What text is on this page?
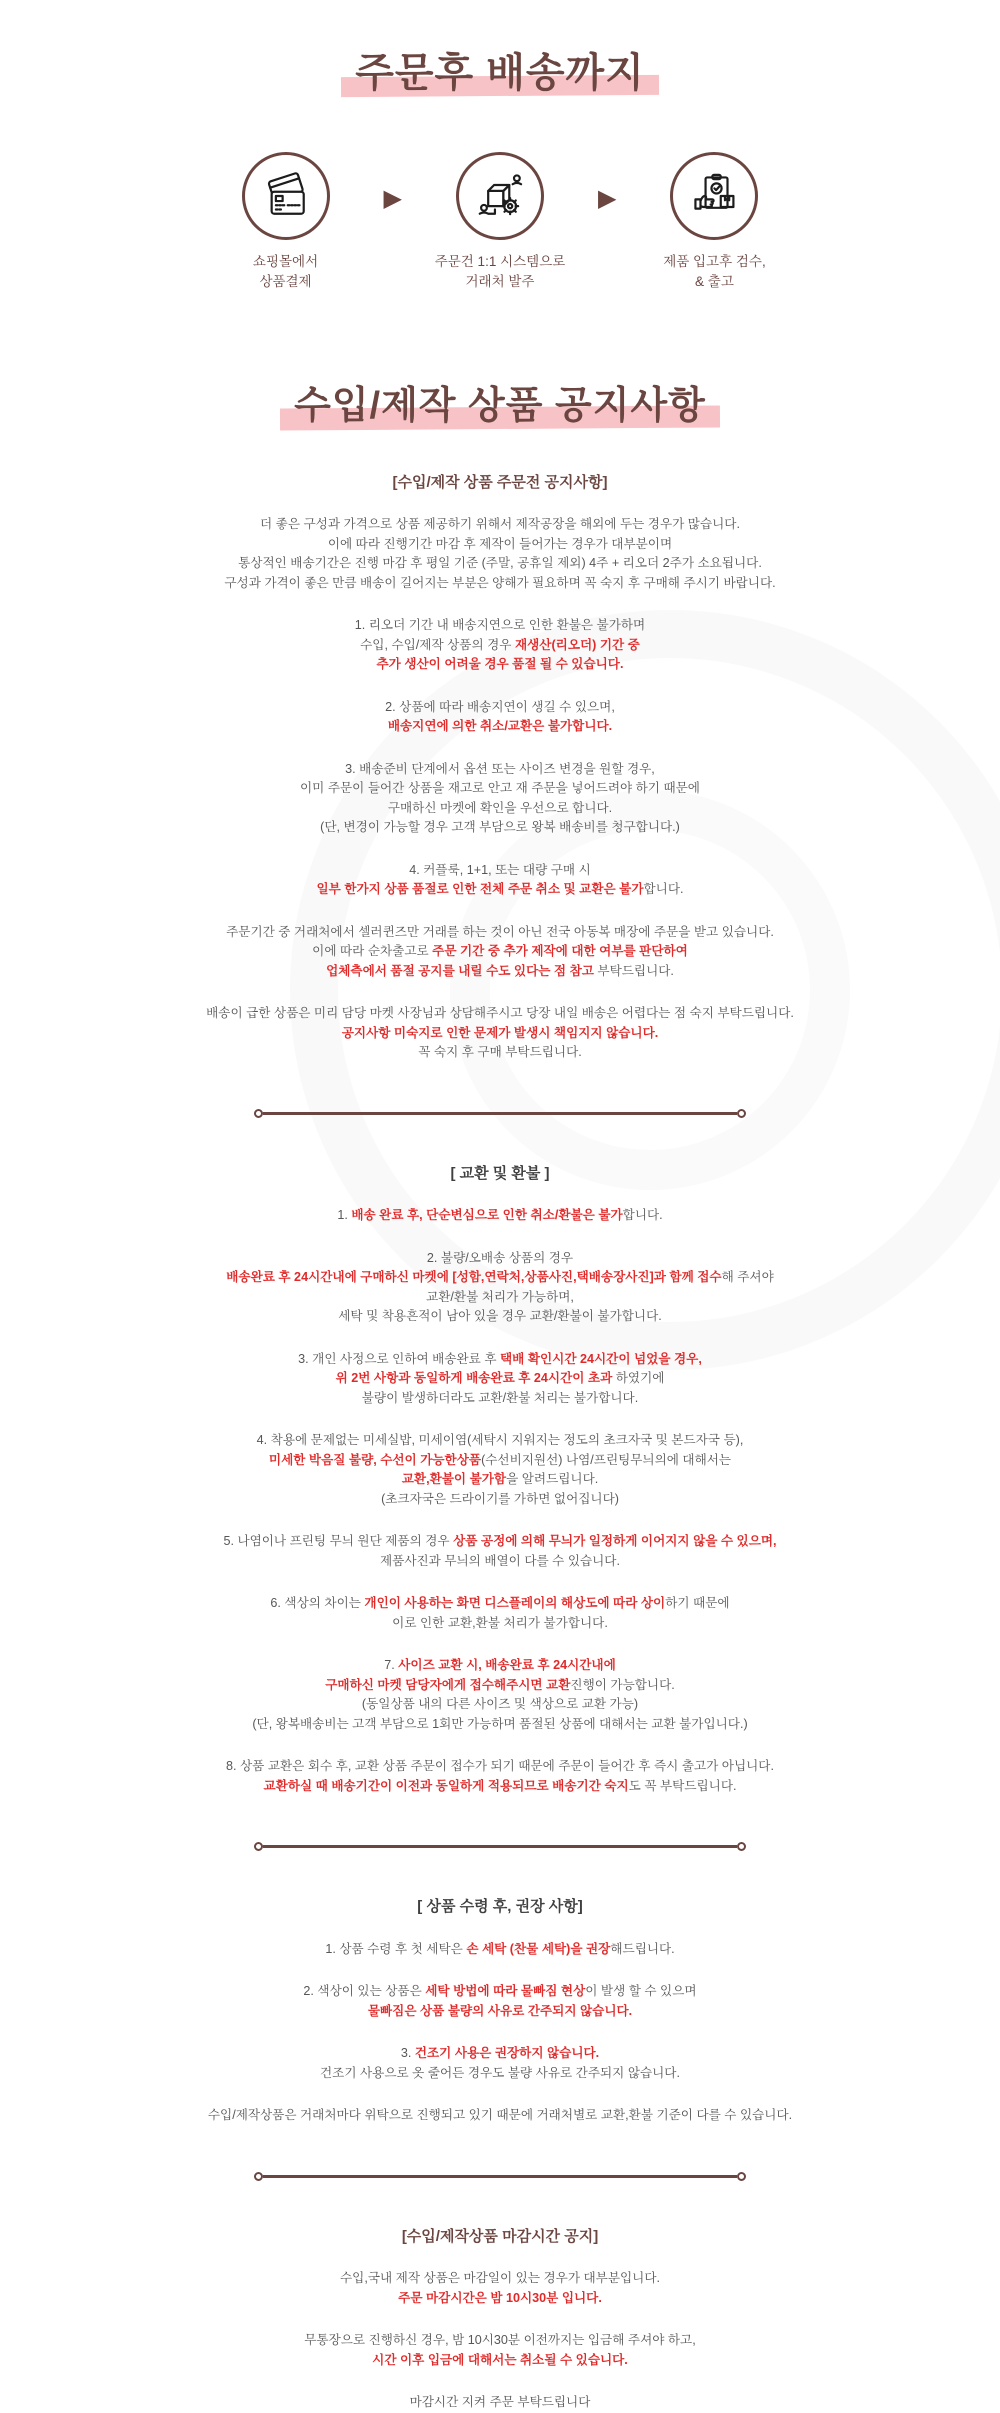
주문후 배송까지
쇼핑몰에서
상품결제
▶
주문건 1:1 시스템으로
거래처 발주
▶
제품 입고후 검수,
& 출고
수입/제작 상품 공지사항
[수입/제작 상품 주문전 공지사항]

더 좋은 구성과 가격으로 상품 제공하기 위해서 제작공장을 해외에 두는 경우가 많습니다.
이에 따라 진행기간 마감 후 제작이 들어가는 경우가 대부분이며
통상적인 배송기간은 진행 마감 후 평일 기준 (주말, 공휴일 제외) 4주 + 리오더 2주가 소요됩니다.
구성과 가격이 좋은 만큼 배송이 길어지는 부분은 양해가 필요하며 꼭 숙지 후 구매해 주시기 바랍니다.

1. 리오더 기간 내 배송지연으로 인한 환불은 불가하며
수입, 수입/제작 상품의 경우 재생산(리오더) 기간 중
추가 생산이 어려울 경우 품절 될 수 있습니다.

2. 상품에 따라 배송지연이 생길 수 있으며,
배송지연에 의한 취소/교환은 불가합니다.

3. 배송준비 단계에서 옵션 또는 사이즈 변경을 원할 경우,
이미 주문이 들어간 상품을 재고로 안고 재 주문을 넣어드려야 하기 때문에
구매하신 마켓에 확인을 우선으로 합니다.
(단, 변경이 가능할 경우 고객 부담으로 왕복 배송비를 청구합니다.)

4. 커플룩, 1+1, 또는 대량 구매 시
일부 한가지 상품 품절로 인한 전체 주문 취소 및 교환은 불가합니다.

주문기간 중 거래처에서 셀러퀸즈만 거래를 하는 것이 아닌 전국 아동복 매장에 주문을 받고 있습니다.
이에 따라 순차출고로 주문 기간 중 추가 제작에 대한 여부를 판단하여
업체측에서 품절 공지를 내릴 수도 있다는 점 참고 부탁드립니다.

배송이 급한 상품은 미리 담당 마켓 사장님과 상담해주시고 당장 내일 배송은 어렵다는 점 숙지 부탁드립니다.
공지사항 미숙지로 인한 문제가 발생시 책임지지 않습니다.
꼭 숙지 후 구매 부탁드립니다.

[ 교환 및 환불 ]

1. 배송 완료 후, 단순변심으로 인한 취소/환불은 불가합니다.

2. 불량/오배송 상품의 경우
배송완료 후 24시간내에 구매하신 마켓에 [성함,연락처,상품사진,택배송장사진]과 함께 접수해 주셔야
교환/환불 처리가 가능하며,
세탁 및 착용흔적이 남아 있을 경우 교환/환불이 불가합니다.

3. 개인 사정으로 인하여 배송완료 후 택배 확인시간 24시간이 넘었을 경우,
위 2번 사항과 동일하게 배송완료 후 24시간이 초과 하였기에
불량이 발생하더라도 교환/환불 처리는 불가합니다.

4. 착용에 문제없는 미세실밥, 미세이염(세탁시 지워지는 정도의 초크자국 및 본드자국 등),
미세한 박음질 불량, 수선이 가능한상품(수선비지원선) 나염/프린팅무늬의에 대해서는
교환,환불이 불가함을 알려드립니다.
(초크자국은 드라이기를 가하면 없어집니다)

5. 나염이나 프린팅 무늬 원단 제품의 경우 상품 공정에 의해 무늬가 일정하게 이어지지 않을 수 있으며,
제품사진과 무늬의 배열이 다를 수 있습니다.

6. 색상의 차이는 개인이 사용하는 화면 디스플레이의 해상도에 따라 상이하기 때문에
이로 인한 교환,환불 처리가 불가합니다.

7. 사이즈 교환 시, 배송완료 후 24시간내에
구매하신 마켓 담당자에게 접수해주시면 교환진행이 가능합니다.
(동일상품 내의 다른 사이즈 및 색상으로 교환 가능)
(단, 왕복배송비는 고객 부담으로 1회만 가능하며 품절된 상품에 대해서는 교환 불가입니다.)

8. 상품 교환은 회수 후, 교환 상품 주문이 접수가 되기 때문에 주문이 들어간 후 즉시 출고가 아닙니다.
교환하실 때 배송기간이 이전과 동일하게 적용되므로 배송기간 숙지도 꼭 부탁드립니다.

[ 상품 수령 후, 권장 사항]

1. 상품 수령 후 첫 세탁은 손 세탁 (찬물 세탁)을 권장해드립니다.

2. 색상이 있는 상품은 세탁 방법에 따라 물빠짐 현상이 발생 할 수 있으며
물빠짐은 상품 불량의 사유로 간주되지 않습니다.

3. 건조기 사용은 권장하지 않습니다.
건조기 사용으로 옷 줄어든 경우도 불량 사유로 간주되지 않습니다.

수입/제작상품은 거래처마다 위탁으로 진행되고 있기 때문에 거래처별로 교환,환불 기준이 다를 수 있습니다.

[수입/제작상품 마감시간 공지]

수입,국내 제작 상품은 마감일이 있는 경우가 대부분입니다.
주문 마감시간은 밤 10시30분 입니다.

무통장으로 진행하신 경우, 밤 10시30분 이전까지는 입금해 주셔야 하고,
시간 이후 입금에 대해서는 취소될 수 있습니다.

마감시간 지켜 주문 부탁드립니다
